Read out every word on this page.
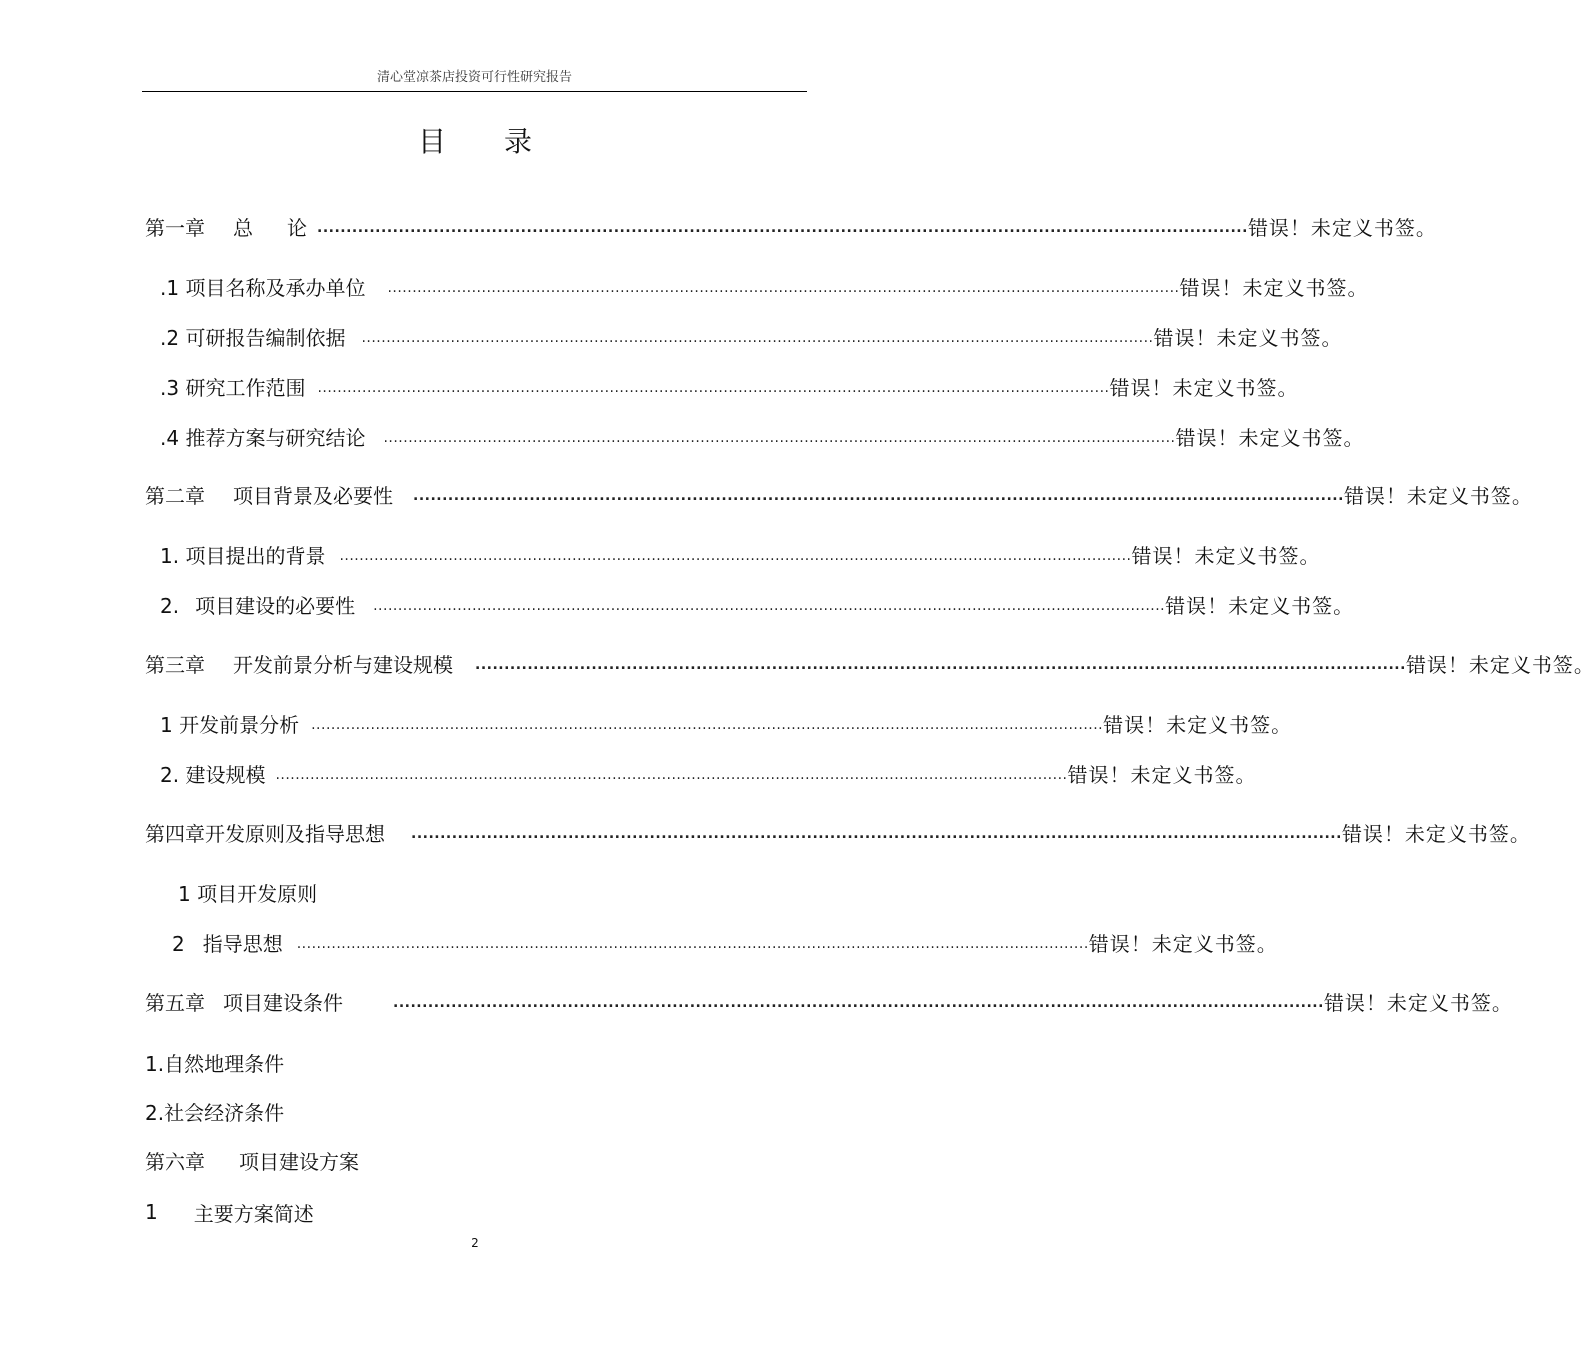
清心堂凉茶店投资可行性研究报告
目录
第一章 总 论 ................................................................................................................................................................ 错误！未定义书签。
.1 项目名称及承办单位 ................................................................................................................................................................ 错误！未定义书签。
.2 可研报告编制依据 ................................................................................................................................................................ 错误！未定义书签。
.3 研究工作范围 ................................................................................................................................................................ 错误！未定义书签。
.4 推荐方案与研究结论 ................................................................................................................................................................ 错误！未定义书签。
第二章 项目背景及必要性 ................................................................................................................................................................ 错误！未定义书签。
1. 项目提出的背景 ................................................................................................................................................................ 错误！未定义书签。
2. 项目建设的必要性 ................................................................................................................................................................ 错误！未定义书签。
第三章 开发前景分析与建设规模 ................................................................................................................................................................ 错误！未定义书签。
1 开发前景分析 ................................................................................................................................................................ 错误！未定义书签。
2. 建设规模 ................................................................................................................................................................ 错误！未定义书签。
第四章开发原则及指导思想 ................................................................................................................................................................ 错误！未定义书签。
1 项目开发原则
2 指导思想 ................................................................................................................................................................ 错误！未定义书签。
第五章 项目建设条件	................................................................................................................................................................ 错误！未定义书签。
1.自然地理条件
2.社会经济条件
第六章 项目建设方案
1 主要方案简述
2
